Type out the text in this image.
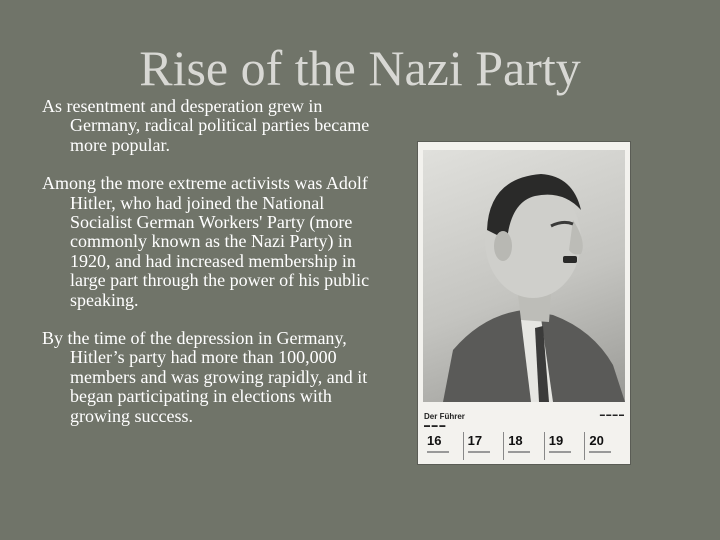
Rise of the Nazi Party

As resentment and desperation grew in Germany, radical political parties became more popular.

Among the more extreme activists was Adolf Hitler, who had joined the National Socialist German Workers' Party (more commonly known as the Nazi Party) in 1920, and had increased membership in large part through the power of his public speaking.

By the time of the depression in Germany, Hitler’s party had more than 100,000 members and was growing rapidly, and it began participating in elections with growing success.	Der Führer
▬ ▬ ▬
▬ ▬ ▬ ▬
16 17 18 19 20
